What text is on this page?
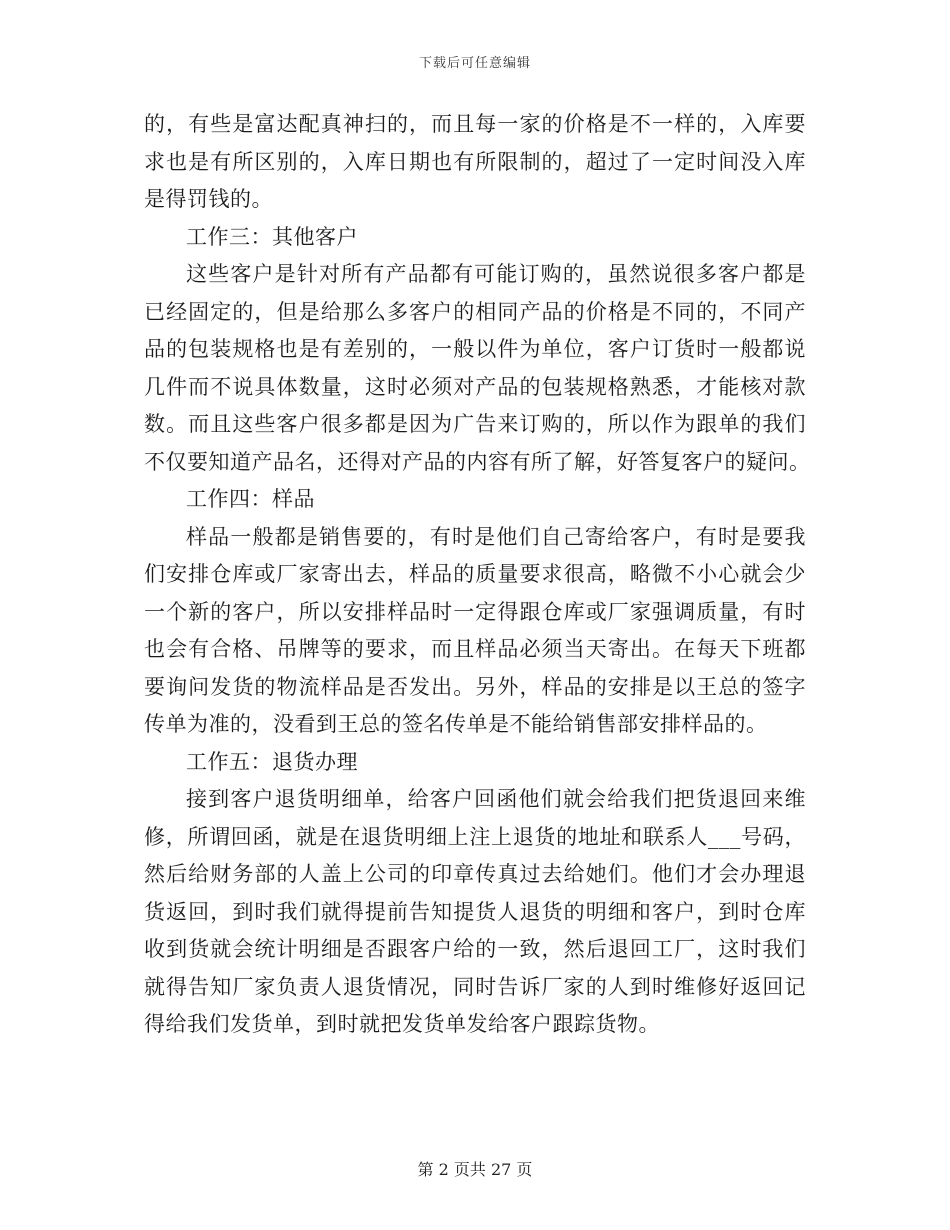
下载后可任意编辑
的，有些是富达配真神扫的，而且每一家的价格是不一样的，入库要
求也是有所区别的，入库日期也有所限制的，超过了一定时间没入库
是得罚钱的。
工作三：其他客户
这些客户是针对所有产品都有可能订购的，虽然说很多客户都是
已经固定的，但是给那么多客户的相同产品的价格是不同的，不同产
品的包装规格也是有差别的，一般以件为单位，客户订货时一般都说
几件而不说具体数量，这时必须对产品的包装规格熟悉，才能核对款
数。而且这些客户很多都是因为广告来订购的，所以作为跟单的我们
不仅要知道产品名，还得对产品的内容有所了解，好答复客户的疑问。
工作四：样品
样品一般都是销售要的，有时是他们自己寄给客户，有时是要我
们安排仓库或厂家寄出去，样品的质量要求很高，略微不小心就会少
一个新的客户，所以安排样品时一定得跟仓库或厂家强调质量，有时
也会有合格、吊牌等的要求，而且样品必须当天寄出。在每天下班都
要询问发货的物流样品是否发出。另外，样品的安排是以王总的签字
传单为准的，没看到王总的签名传单是不能给销售部安排样品的。
工作五：退货办理
接到客户退货明细单，给客户回函他们就会给我们把货退回来维
修，所谓回函，就是在退货明细上注上退货的地址和联系人___号码，
然后给财务部的人盖上公司的印章传真过去给她们。他们才会办理退
货返回，到时我们就得提前告知提货人退货的明细和客户，到时仓库
收到货就会统计明细是否跟客户给的一致，然后退回工厂，这时我们
就得告知厂家负责人退货情况，同时告诉厂家的人到时维修好返回记
得给我们发货单，到时就把发货单发给客户跟踪货物。
第 2 页共 27 页
